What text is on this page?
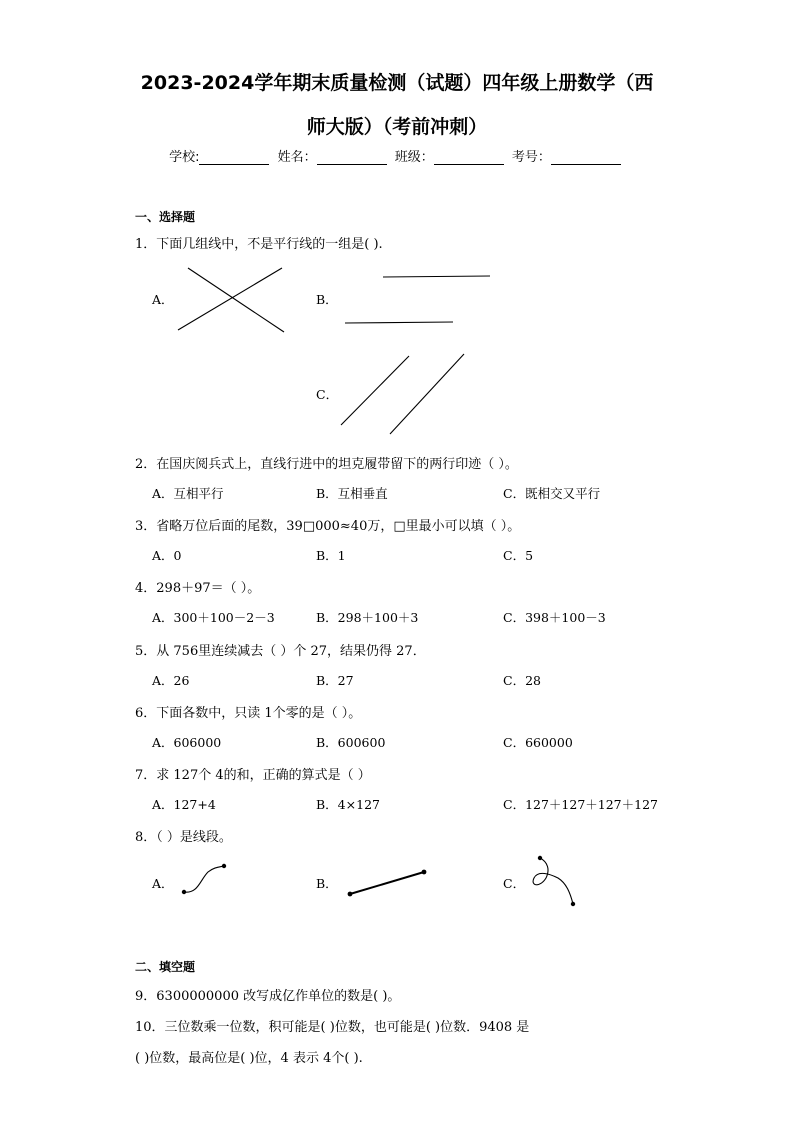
2023-2024学年期末质量检测（试题）四年级上册数学（西
师大版）（考前冲刺）
学校:	姓名：	班级：	考号：
一、选择题
1．下面几组线中，不是平行线的一组是( ).
A．	B．
C．
2．在国庆阅兵式上，直线行进中的坦克履带留下的两行印迹（ ）。
A．互相平行	B．互相垂直	C．既相交又平行
3．省略万位后面的尾数，39□000≈40万，□里最小可以填（ ）。
A．0	B．1	C．5
4．298＋97＝（ ）。
A．300＋100－2－3	B．298＋100＋3	C．398＋100－3
5．从 756里连续减去（ ）个 27，结果仍得 27．
A．26	B．27	C．28
6．下面各数中，只读 1个零的是（ ）。
A．606000	B．600600	C．660000
7．求 127个 4的和，正确的算式是（ ）
A．127+4	B．4×127	C．127＋127＋127＋127
8．（ ）是线段。
A．	B．	C．
二、填空题
9．6300000000 改写成亿作单位的数是( )。
10．三位数乘一位数，积可能是( )位数，也可能是( )位数．9408 是
( )位数，最高位是( )位，4 表示 4个( ).
